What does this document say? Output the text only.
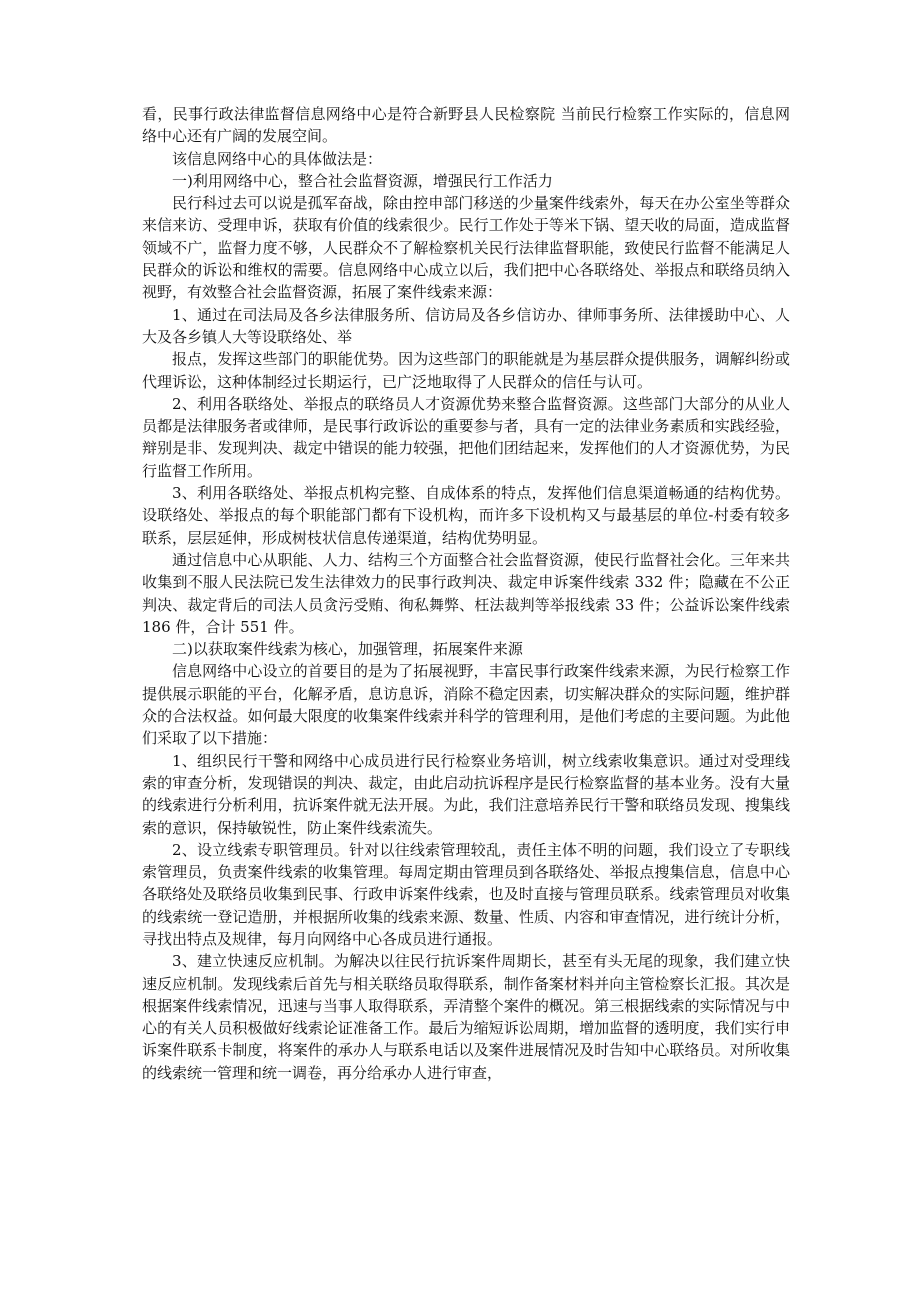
看，民事行政法律监督信息网络中心是符合新野县人民检察院 当前民行检察工作实际的，信息网络中心还有广阔的发展空间。

该信息网络中心的具体做法是：

一)利用网络中心，整合社会监督资源，增强民行工作活力

民行科过去可以说是孤军奋战，除由控申部门移送的少量案件线索外，每天在办公室坐等群众来信来访、受理申诉，获取有价值的线索很少。民行工作处于等米下锅、望天收的局面，造成监督领域不广，监督力度不够，人民群众不了解检察机关民行法律监督职能，致使民行监督不能满足人民群众的诉讼和维权的需要。信息网络中心成立以后，我们把中心各联络处、举报点和联络员纳入视野，有效整合社会监督资源，拓展了案件线索来源：

1、通过在司法局及各乡法律服务所、信访局及各乡信访办、律师事务所、法律援助中心、人大及各乡镇人大等设联络处、举

报点，发挥这些部门的职能优势。因为这些部门的职能就是为基层群众提供服务，调解纠纷或代理诉讼，这种体制经过长期运行，已广泛地取得了人民群众的信任与认可。

2、利用各联络处、举报点的联络员人才资源优势来整合监督资源。这些部门大部分的从业人员都是法律服务者或律师，是民事行政诉讼的重要参与者，具有一定的法律业务素质和实践经验，辩别是非、发现判决、裁定中错误的能力较强，把他们团结起来，发挥他们的人才资源优势，为民行监督工作所用。

3、利用各联络处、举报点机构完整、自成体系的特点，发挥他们信息渠道畅通的结构优势。设联络处、举报点的每个职能部门都有下设机构，而许多下设机构又与最基层的单位-村委有较多联系，层层延伸，形成树枝状信息传递渠道，结构优势明显。

通过信息中心从职能、人力、结构三个方面整合社会监督资源，使民行监督社会化。三年来共收集到不服人民法院已发生法律效力的民事行政判决、裁定申诉案件线索 332 件；隐藏在不公正判决、裁定背后的司法人员贪污受贿、徇私舞弊、枉法裁判等举报线索 33 件；公益诉讼案件线索 186 件，合计 551 件。

二)以获取案件线索为核心，加强管理，拓展案件来源

信息网络中心设立的首要目的是为了拓展视野，丰富民事行政案件线索来源，为民行检察工作提供展示职能的平台，化解矛盾，息访息诉，消除不稳定因素，切实解决群众的实际问题，维护群众的合法权益。如何最大限度的收集案件线索并科学的管理利用，是他们考虑的主要问题。为此他们采取了以下措施：

1、组织民行干警和网络中心成员进行民行检察业务培训，树立线索收集意识。通过对受理线索的审查分析，发现错误的判决、裁定，由此启动抗诉程序是民行检察监督的基本业务。没有大量的线索进行分析利用，抗诉案件就无法开展。为此，我们注意培养民行干警和联络员发现、搜集线索的意识，保持敏锐性，防止案件线索流失。

2、设立线索专职管理员。针对以往线索管理较乱，责任主体不明的问题，我们设立了专职线索管理员，负责案件线索的收集管理。每周定期由管理员到各联络处、举报点搜集信息，信息中心各联络处及联络员收集到民事、行政申诉案件线索，也及时直接与管理员联系。线索管理员对收集的线索统一登记造册，并根据所收集的线索来源、数量、性质、内容和审查情况，进行统计分析，寻找出特点及规律，每月向网络中心各成员进行通报。

3、建立快速反应机制。为解决以往民行抗诉案件周期长，甚至有头无尾的现象，我们建立快速反应机制。发现线索后首先与相关联络员取得联系，制作备案材料并向主管检察长汇报。其次是根据案件线索情况，迅速与当事人取得联系，弄清整个案件的概况。第三根据线索的实际情况与中心的有关人员积极做好线索论证准备工作。最后为缩短诉讼周期，增加监督的透明度，我们实行申诉案件联系卡制度，将案件的承办人与联系电话以及案件进展情况及时告知中心联络员。对所收集的线索统一管理和统一调卷，再分给承办人进行审查，
